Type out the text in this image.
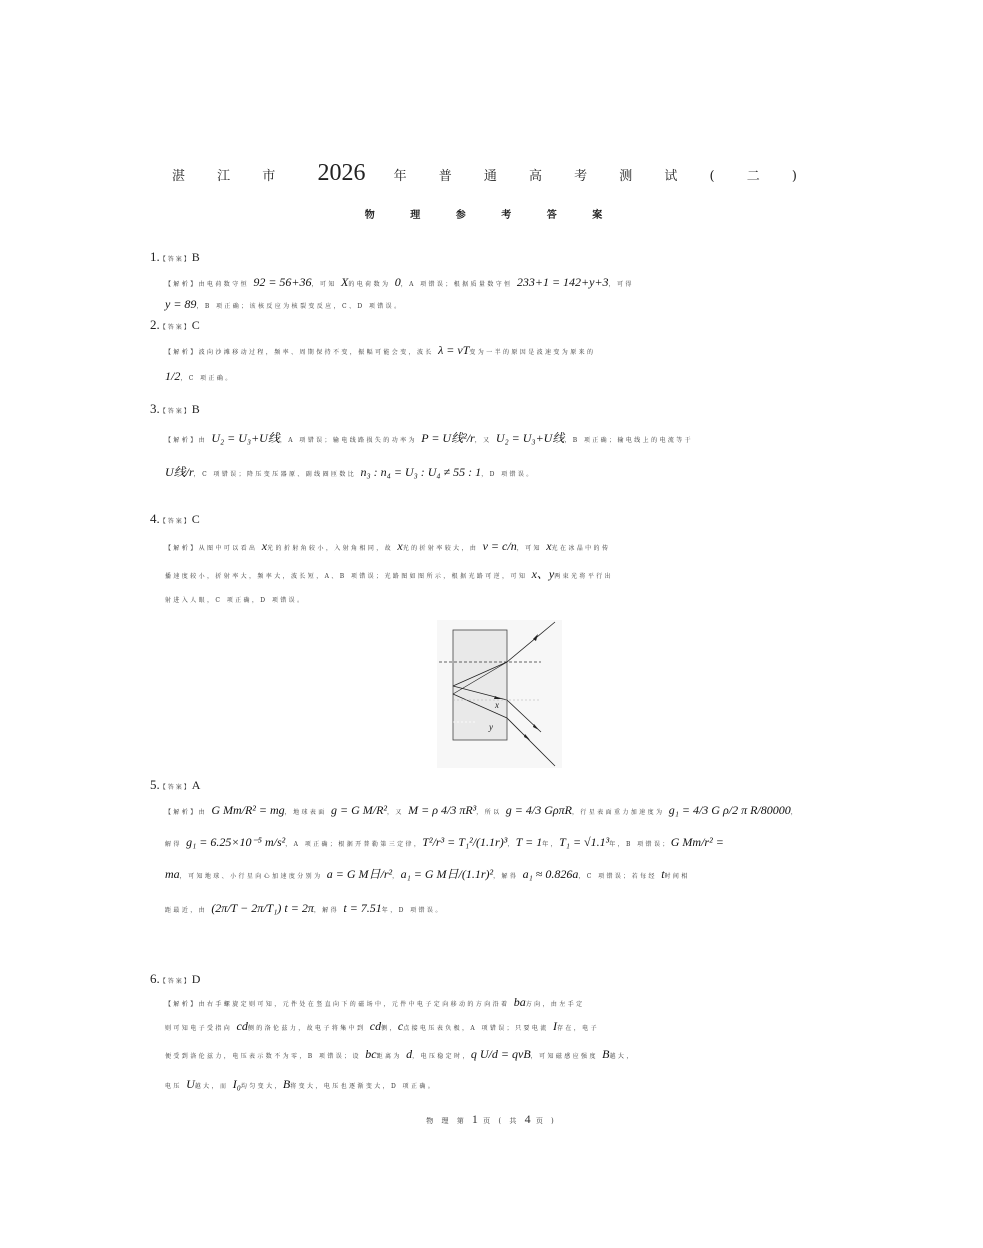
湛 江 市 2026 年 普 通 高 考 测 试 ( 二 )
物 理 参 考 答 案
1.【答案】B
【解析】由电荷数守恒 92 = 56+36，可知 X的电荷数为 0，A 项错误；根据质量数守恒 233+1 = 142+y+3，可得
y = 89，B 项正确；该核反应为核裂变反应，C、D 项错误。
2.【答案】C
【解析】波向沙滩移动过程，频率、周期保持不变，振幅可能会变，波长 λ = vT变为一半的原因是波速变为原来的
1/2，C 项正确。
3.【答案】B
【解析】由 U₂ = U₃+U线，A 项错误；输电线路损失的功率为 P = U线²/r，又 U₂ = U₃+U线，B 项正确；输电线上的电流等于
U线/r，C 项错误；降压变压器原、副线圈匝数比 n₃ : n₄ = U₃ : U₄ ≠ 55 : 1，D 项错误。
4.【答案】C
【解析】从图中可以看出 x光的折射角较小，入射角相同，故 x光的折射率较大，由 v = c/n，可知 x光在冰晶中的传
播速度较小，折射率大，频率大，波长短，A、B 项错误；光路图如图所示，根据光路可逆，可知 x、y两束光将平行出
射进入人眼，C 项正确，D 项错误。
5.【答案】A
【解析】由 G Mm/R² = mg，地球表面 g = G M/R²，又 M = ρ 4/3 πR³，所以 g = 4/3 GρπR，行星表面重力加速度为 g₁ = 4/3 G ρ/2 π R/80000，
解得 g₁ = 6.25×10⁻⁵ m/s²，A 项正确；根据开普勒第三定律，T²/r³ = T₁²/(1.1r)³，T = 1年，T₁ = √1.1³年，B 项错误；G Mm/r² =
ma，可知地球、小行星向心加速度分别为 a = G M日/r²，a₁ = G M日/(1.1r)²，解得 a₁ ≈ 0.826a，C 项错误；若每经 t时间相
距最近，由 (2π/T − 2π/T₁) t = 2π，解得 t = 7.51年，D 项错误。
6.【答案】D
【解析】由右手螺旋定则可知，元件处在竖直向下的磁场中，元件中电子定向移动的方向沿着 ba方向，由左手定
则可知电子受指向 cd侧的洛伦兹力，故电子将集中到 cd侧，c点接电压表负极，A 项错误；只要电流 I存在，电子
便受到洛伦兹力，电压表示数不为零，B 项错误；设 bc距离为 d，电压稳定时，q U/d = qvB，可知磁感应强度 B越大，
电压 U越大，而 I₀均匀变大，B将变大，电压也逐渐变大，D 项正确。
x
y
物 理 第 1 页 ( 共 4 页 )
